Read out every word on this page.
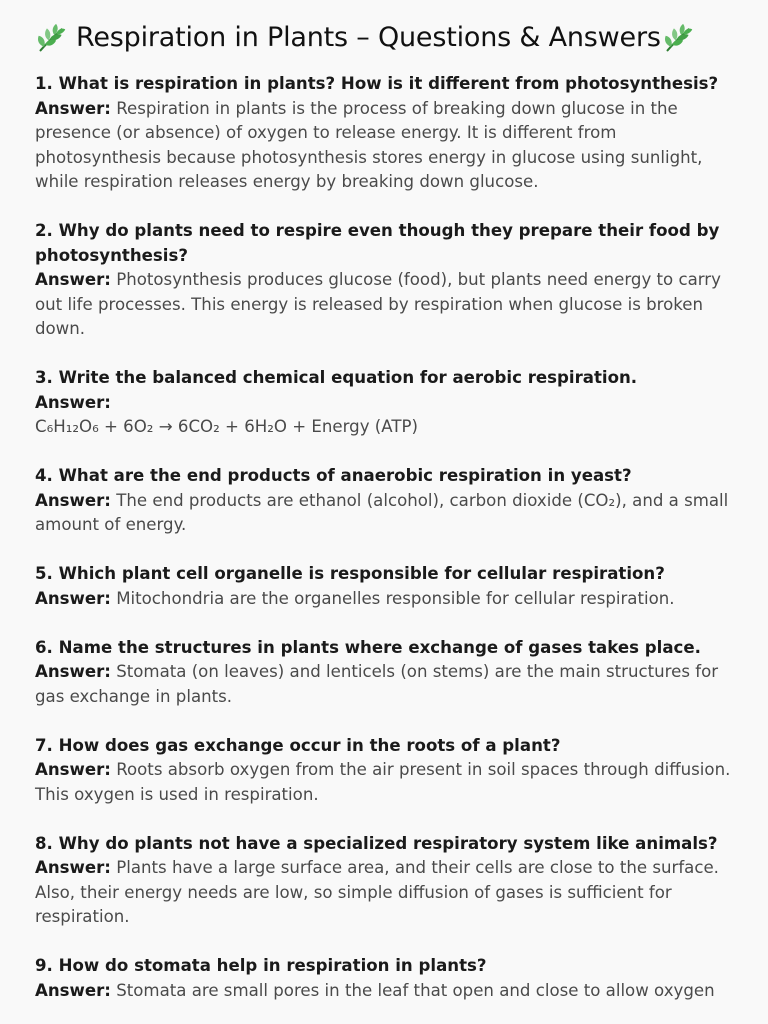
Respiration in Plants – Questions & Answers
1. What is respiration in plants? How is it different from photosynthesis?
Answer: Respiration in plants is the process of breaking down glucose in the presence (or absence) of oxygen to release energy. It is different from photosynthesis because photosynthesis stores energy in glucose using sunlight, while respiration releases energy by breaking down glucose.
2. Why do plants need to respire even though they prepare their food by photosynthesis?
Answer: Photosynthesis produces glucose (food), but plants need energy to carry out life processes. This energy is released by respiration when glucose is broken down.
3. Write the balanced chemical equation for aerobic respiration.
Answer:
C₆H₁₂O₆ + 6O₂ → 6CO₂ + 6H₂O + Energy (ATP)
4. What are the end products of anaerobic respiration in yeast?
Answer: The end products are ethanol (alcohol), carbon dioxide (CO₂), and a small amount of energy.
5. Which plant cell organelle is responsible for cellular respiration?
Answer: Mitochondria are the organelles responsible for cellular respiration.
6. Name the structures in plants where exchange of gases takes place.
Answer: Stomata (on leaves) and lenticels (on stems) are the main structures for gas exchange in plants.
7. How does gas exchange occur in the roots of a plant?
Answer: Roots absorb oxygen from the air present in soil spaces through diffusion. This oxygen is used in respiration.
8. Why do plants not have a specialized respiratory system like animals?
Answer: Plants have a large surface area, and their cells are close to the surface. Also, their energy needs are low, so simple diffusion of gases is sufficient for respiration.
9. How do stomata help in respiration in plants?
Answer: Stomata are small pores in the leaf that open and close to allow oxygen
